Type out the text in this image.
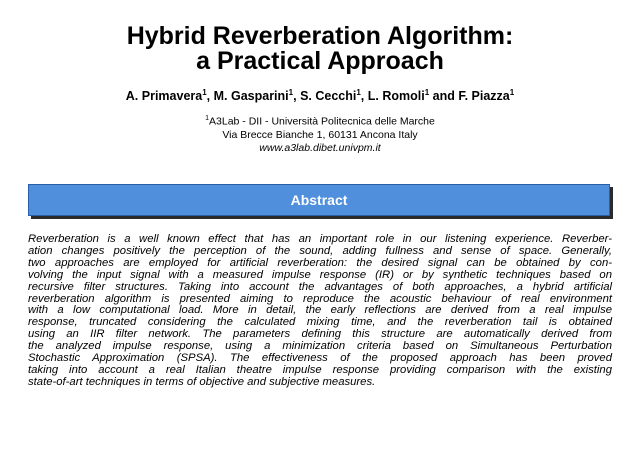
Hybrid Reverberation Algorithm:
a Practical Approach
A. Primavera$^1$, M. Gasparini$^1$, S. Cecchi$^1$, L. Romoli$^1$ and F. Piazza$^1$
$^1$A3Lab - DII - Università Politecnica delle Marche
Via Brecce Bianche 1, 60131 Ancona Italy
www.a3lab.dibet.univpm.it
Abstract
Reverberation is a well known effect that has an important role in our listening experience. Reverber-
ation changes positively the perception of the sound, adding fullness and sense of space. Generally,
two approaches are employed for artificial reverberation: the desired signal can be obtained by con-
volving the input signal with a measured impulse response (IR) or by synthetic techniques based on
recursive filter structures. Taking into account the advantages of both approaches, a hybrid artificial
reverberation algorithm is presented aiming to reproduce the acoustic behaviour of real environment
with a low computational load. More in detail, the early reflections are derived from a real impulse
response, truncated considering the calculated mixing time, and the reverberation tail is obtained
using an IIR filter network. The parameters defining this structure are automatically derived from
the analyzed impulse response, using a minimization criteria based on Simultaneous Perturbation
Stochastic Approximation (SPSA). The effectiveness of the proposed approach has been proved
taking into account a real Italian theatre impulse response providing comparison with the existing
state-of-art techniques in terms of objective and subjective measures.
